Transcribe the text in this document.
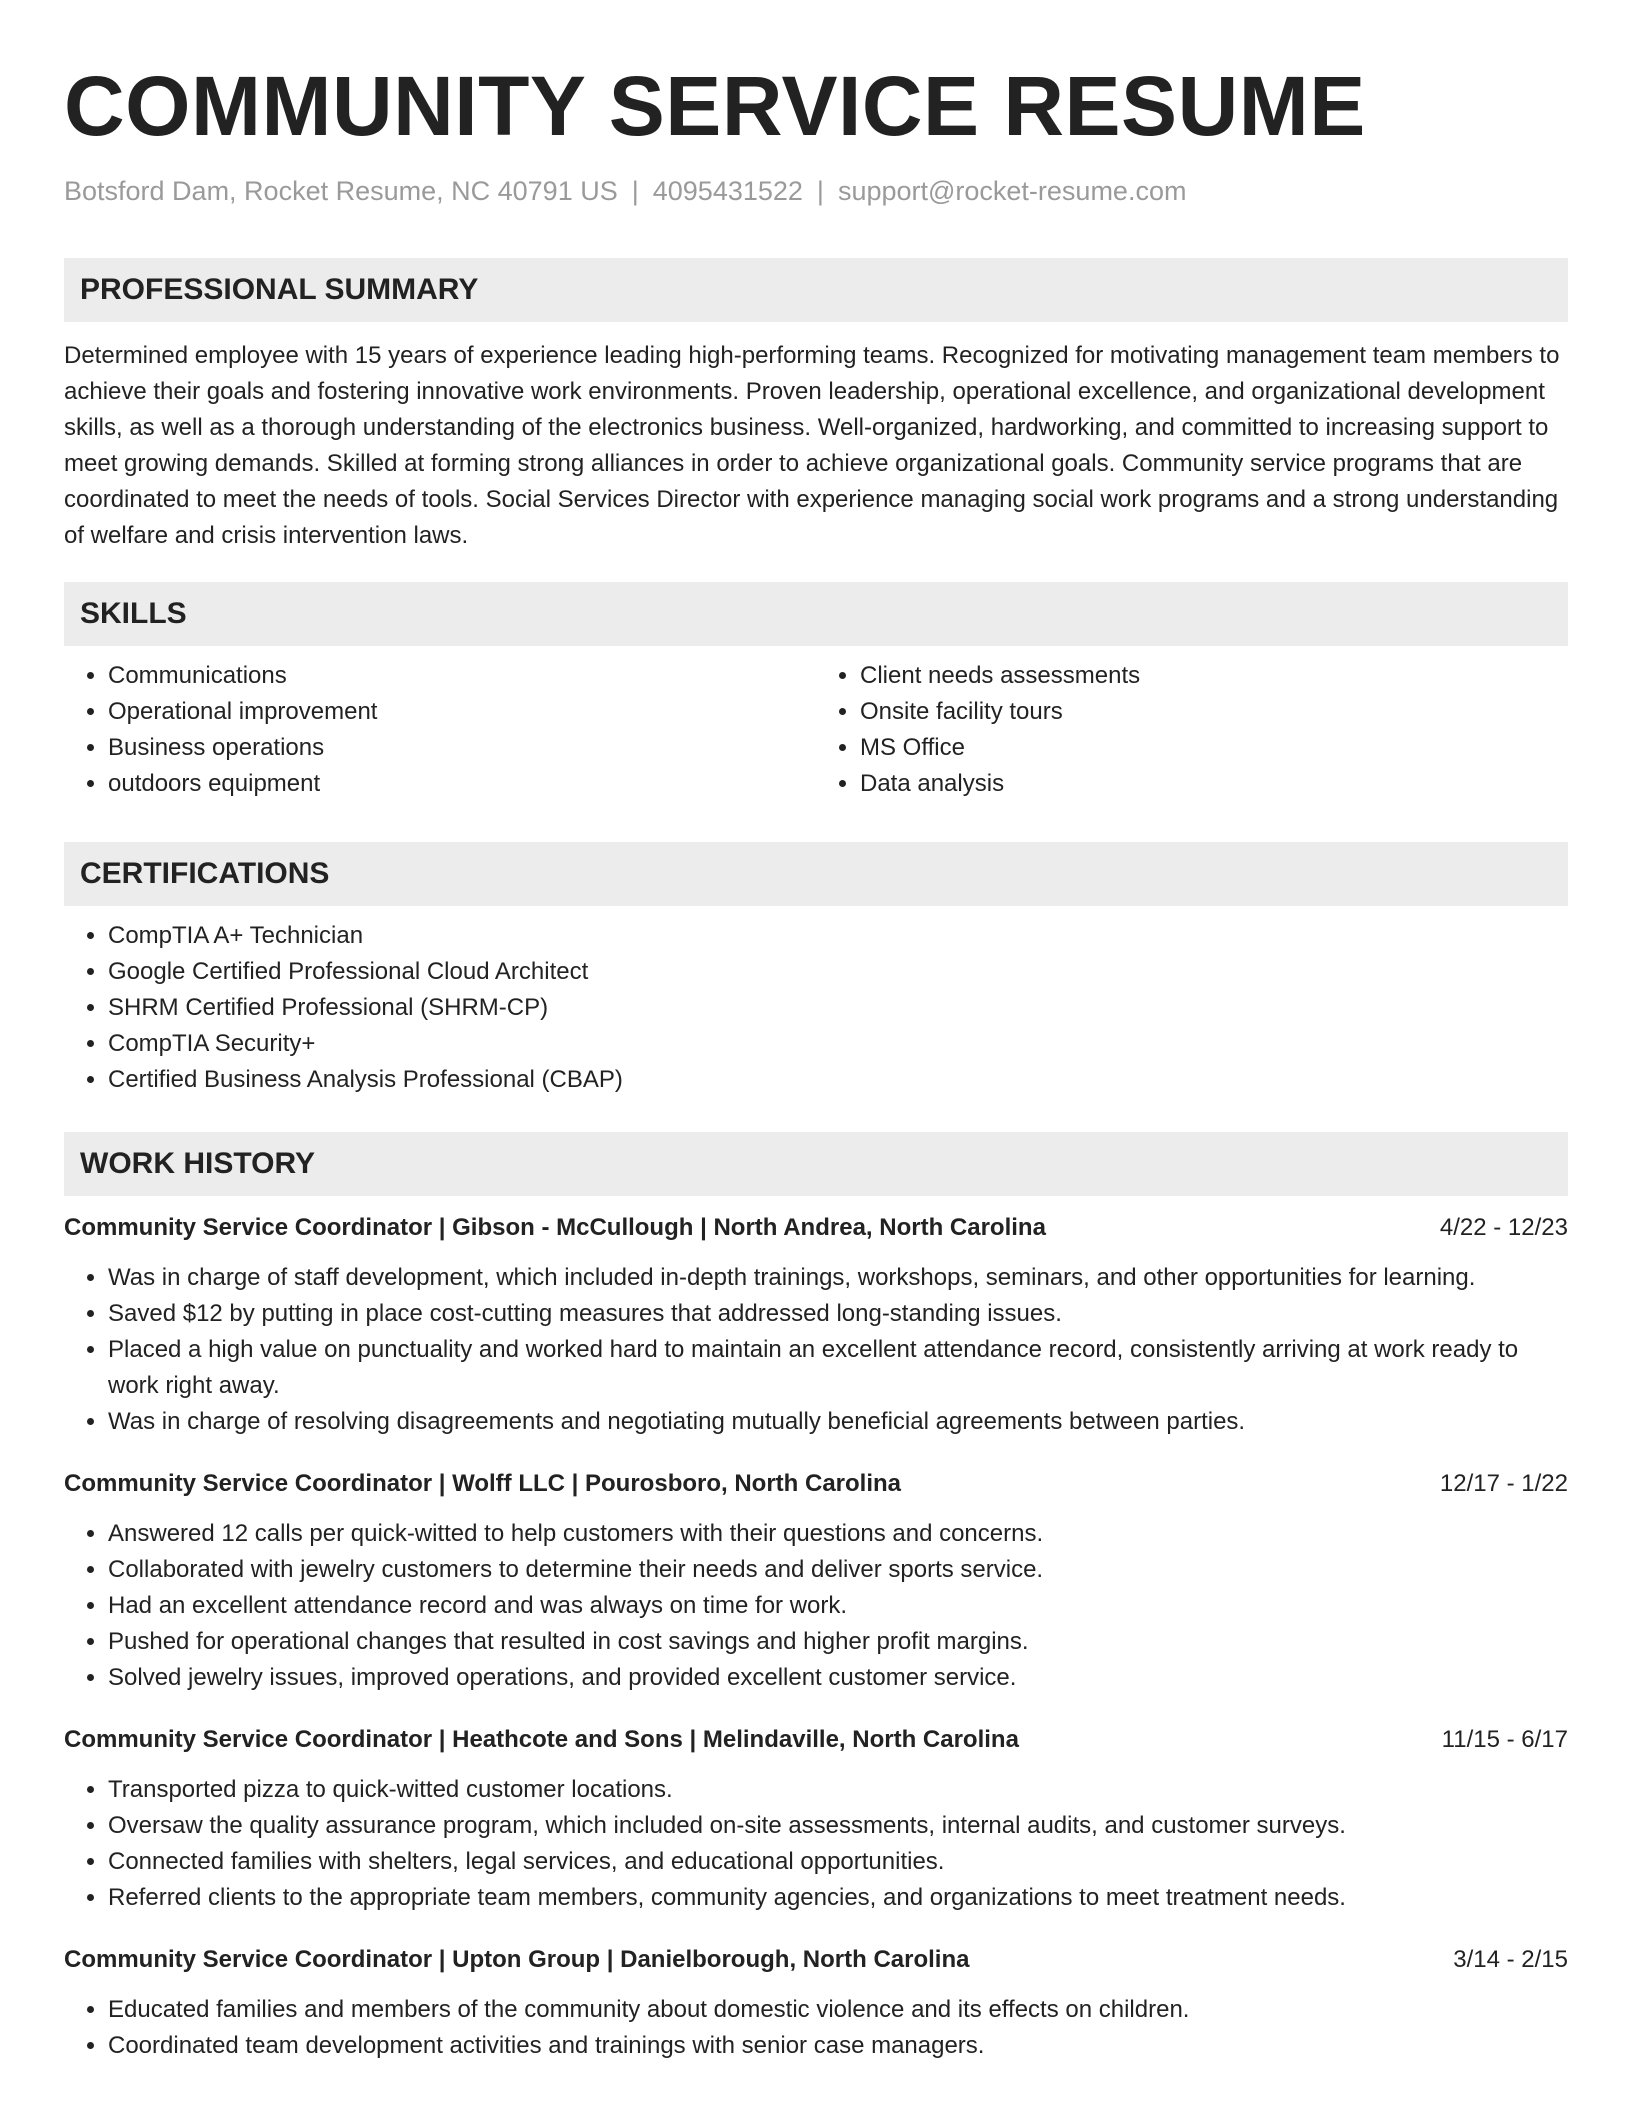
COMMUNITY SERVICE RESUME
Botsford Dam, Rocket Resume, NC 40791 US | 4095431522 | support@rocket-resume.com
PROFESSIONAL SUMMARY

Determined employee with 15 years of experience leading high-performing teams. Recognized for motivating management team members to achieve their goals and fostering innovative work environments. Proven leadership, operational excellence, and organizational development skills, as well as a thorough understanding of the electronics business. Well-organized, hardworking, and committed to increasing support to meet growing demands. Skilled at forming strong alliances in order to achieve organizational goals. Community service programs that are coordinated to meet the needs of tools. Social Services Director with experience managing social work programs and a strong understanding of welfare and crisis intervention laws.

SKILLS
• Communications
• Operational improvement
• Business operations
• outdoors equipment
• Client needs assessments
• Onsite facility tours
• MS Office
• Data analysis
CERTIFICATIONS
• CompTIA A+ Technician
• Google Certified Professional Cloud Architect
• SHRM Certified Professional (SHRM-CP)
• CompTIA Security+
• Certified Business Analysis Professional (CBAP)
WORK HISTORY
Community Service Coordinator | Gibson - McCullough | North Andrea, North Carolina	4/22 - 12/23
• Was in charge of staff development, which included in-depth trainings, workshops, seminars, and other opportunities for learning.
• Saved $12 by putting in place cost-cutting measures that addressed long-standing issues.
• Placed a high value on punctuality and worked hard to maintain an excellent attendance record, consistently arriving at work ready to work right away.
• Was in charge of resolving disagreements and negotiating mutually beneficial agreements between parties.
Community Service Coordinator | Wolff LLC | Pourosboro, North Carolina	12/17 - 1/22
• Answered 12 calls per quick-witted to help customers with their questions and concerns.
• Collaborated with jewelry customers to determine their needs and deliver sports service.
• Had an excellent attendance record and was always on time for work.
• Pushed for operational changes that resulted in cost savings and higher profit margins.
• Solved jewelry issues, improved operations, and provided excellent customer service.
Community Service Coordinator | Heathcote and Sons | Melindaville, North Carolina	11/15 - 6/17
• Transported pizza to quick-witted customer locations.
• Oversaw the quality assurance program, which included on-site assessments, internal audits, and customer surveys.
• Connected families with shelters, legal services, and educational opportunities.
• Referred clients to the appropriate team members, community agencies, and organizations to meet treatment needs.
Community Service Coordinator | Upton Group | Danielborough, North Carolina	3/14 - 2/15
• Educated families and members of the community about domestic violence and its effects on children.
• Coordinated team development activities and trainings with senior case managers.
